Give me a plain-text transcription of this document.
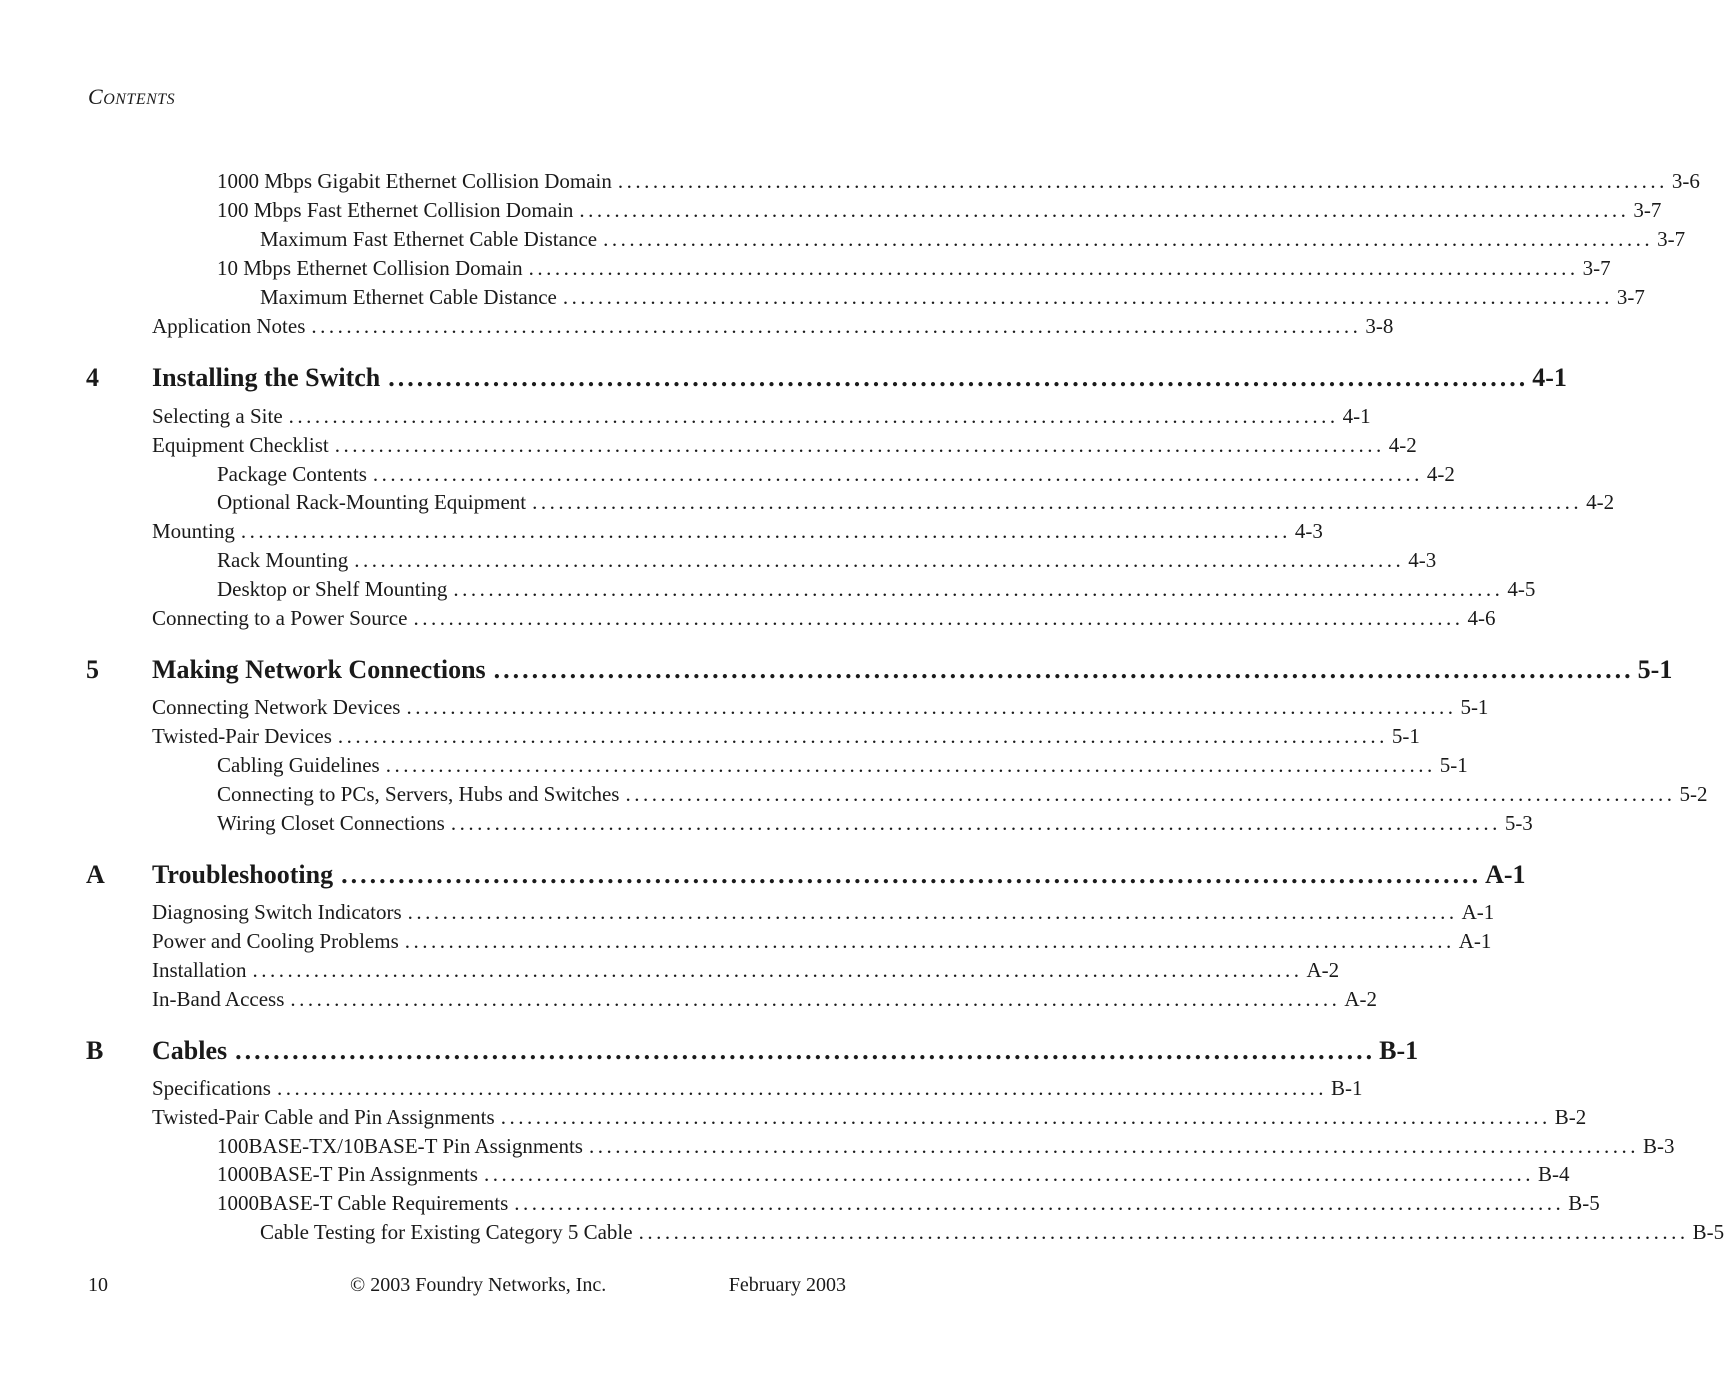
CONTENTS
1000 Mbps Gigabit Ethernet Collision Domain ........................................................................................................................ 3-6
100 Mbps Fast Ethernet Collision Domain ........................................................................................................................ 3-7
Maximum Fast Ethernet Cable Distance ........................................................................................................................ 3-7
10 Mbps Ethernet Collision Domain ........................................................................................................................ 3-7
Maximum Ethernet Cable Distance ........................................................................................................................ 3-7
Application Notes ........................................................................................................................ 3-8
4	Installing the Switch ........................................................................................................................ 4-1
Selecting a Site ........................................................................................................................ 4-1
Equipment Checklist ........................................................................................................................ 4-2
Package Contents ........................................................................................................................ 4-2
Optional Rack-Mounting Equipment ........................................................................................................................ 4-2
Mounting ........................................................................................................................ 4-3
Rack Mounting ........................................................................................................................ 4-3
Desktop or Shelf Mounting ........................................................................................................................ 4-5
Connecting to a Power Source ........................................................................................................................ 4-6
5	Making Network Connections ........................................................................................................................ 5-1
Connecting Network Devices ........................................................................................................................ 5-1
Twisted-Pair Devices ........................................................................................................................ 5-1
Cabling Guidelines ........................................................................................................................ 5-1
Connecting to PCs, Servers, Hubs and Switches ........................................................................................................................ 5-2
Wiring Closet Connections ........................................................................................................................ 5-3
A	Troubleshooting ........................................................................................................................ A-1
Diagnosing Switch Indicators ........................................................................................................................ A-1
Power and Cooling Problems ........................................................................................................................ A-1
Installation ........................................................................................................................ A-2
In-Band Access ........................................................................................................................ A-2
B	Cables ........................................................................................................................ B-1
Specifications ........................................................................................................................ B-1
Twisted-Pair Cable and Pin Assignments ........................................................................................................................ B-2
100BASE-TX/10BASE-T Pin Assignments ........................................................................................................................ B-3
1000BASE-T Pin Assignments ........................................................................................................................ B-4
1000BASE-T Cable Requirements ........................................................................................................................ B-5
Cable Testing for Existing Category 5 Cable ........................................................................................................................ B-5
10	© 2003 Foundry Networks, Inc.	February 2003
